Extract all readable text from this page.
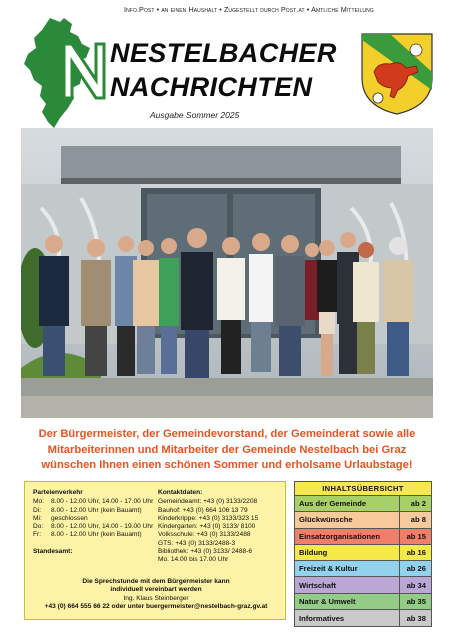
Info.Post • an einen Haushalt • Zugestellt durch Post.at • Amtliche Mitteilung
NESTELBACHER
NACHRICHTEN
Ausgabe Sommer 2025
Der Bürgermeister, der Gemeindevorstand, der Gemeinderat sowie alle Mitarbeiterinnen und Mitarbeiter der Gemeinde Nestelbach bei Graz wünschen Ihnen einen schönen Sommer und erholsame Urlaubstage!
Parteienverkehr
Mo:	8.00 - 12.00 Uhr, 14.00 - 17.00 Uhr
Di:	8.00 - 12.00 Uhr (kein Bauamt)
Mi:	geschlossen
Do:	8.00 - 12.00 Uhr, 14.00 - 19.00 Uhr
Fr:	8.00 - 12.00 Uhr (kein Bauamt)
Standesamt:
Kontaktdaten:
Gemeindeamt: +43 (0) 3133/2208
Bauhof: +43 (0) 664 106 13 79
Kinderkrippe: +43 (0) 3133/323 15
Kindergarten: +43 (0) 3133/ 8100
Volksschule: +43 (0) 3133/2488
GTS: +43 (0) 3133/2488-3
Bibliothek: +43 (0) 3133/ 2488-6
Mo. 14.00 bis 17.00 Uhr
Die Sprechstunde mit dem Bürgermeister kann
individuell vereinbart werden
Ing. Klaus Steinberger
+43 (0) 664 555 66 22 oder unter buergermeister@nestelbach-graz.gv.at
INHALTSÜBERSICHT
Aus der Gemeinde	ab 2
Glückwünsche	ab 8
Einsatzorganisationen	ab 15
Bildung	ab 16
Freizeit & Kultur	ab 26
Wirtschaft	ab 34
Natur & Umwelt	ab 35
Informatives	ab 38
